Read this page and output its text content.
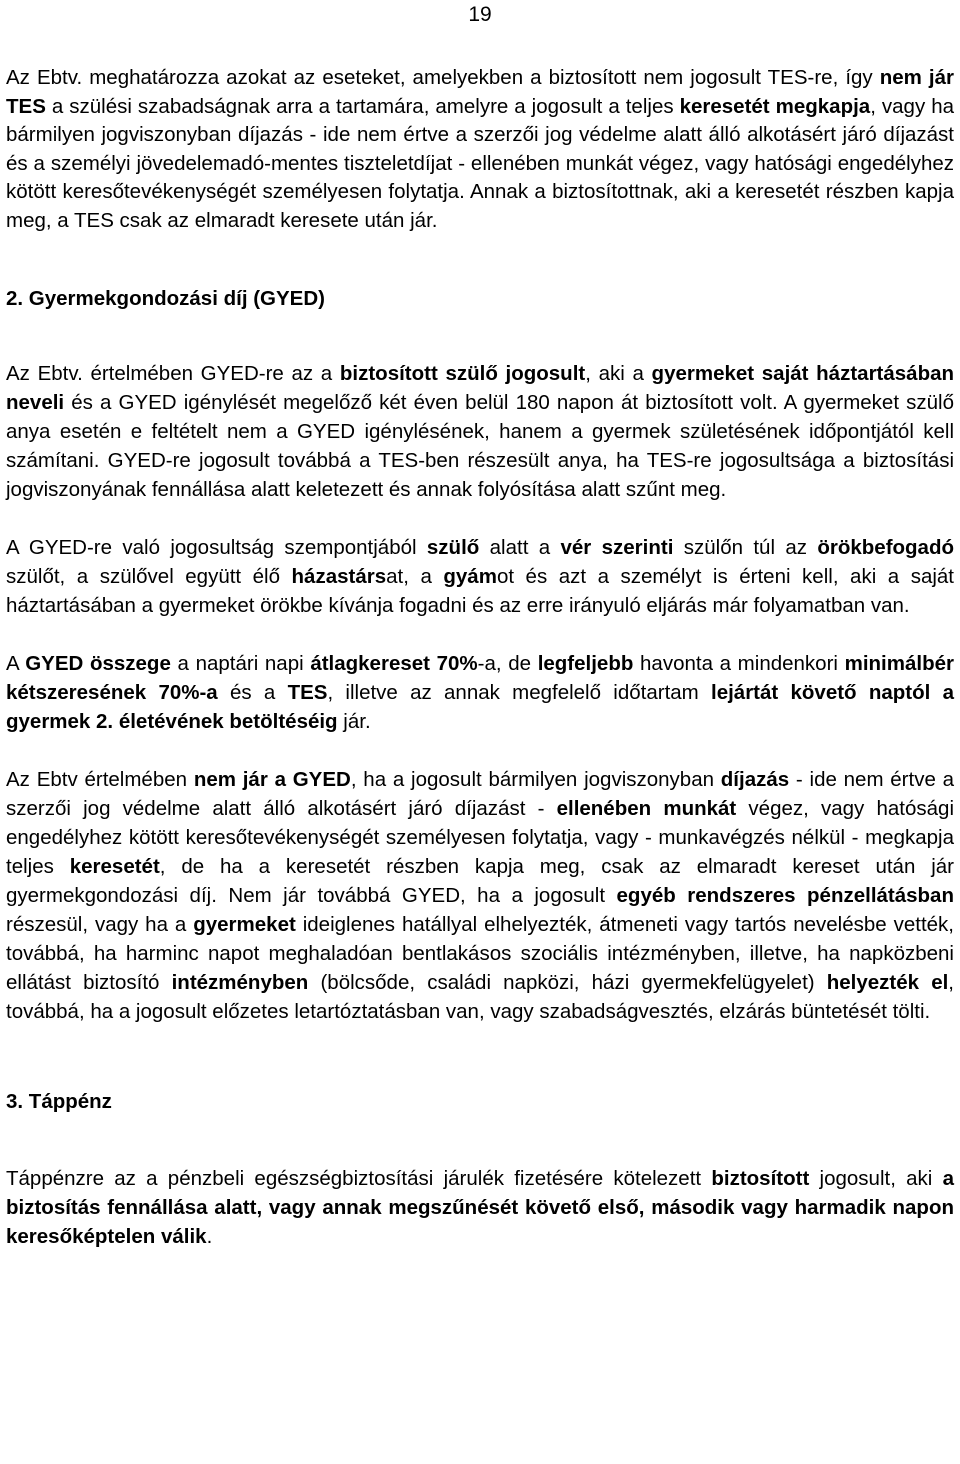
19

Az Ebtv. meghatározza azokat az eseteket, amelyekben a biztosított nem jogosult TES-re, így nem jár TES a szülési szabadságnak arra a tartamára, amelyre a jogosult a teljes keresetét megkapja, vagy ha bármilyen jogviszonyban díjazás - ide nem értve a szerzői jog védelme alatt álló alkotásért járó díjazást és a személyi jövedelemadó-mentes tiszteletdíjat - ellenében munkát végez, vagy hatósági engedélyhez kötött keresőtevékenységét személyesen folytatja. Annak a biztosítottnak, aki a keresetét részben kapja meg, a TES csak az elmaradt keresete után jár.

2. Gyermekgondozási díj (GYED)

Az Ebtv. értelmében GYED-re az a biztosított szülő jogosult, aki a gyermeket saját háztartásában neveli és a GYED igénylését megelőző két éven belül 180 napon át biztosított volt. A gyermeket szülő anya esetén e feltételt nem a GYED igénylésének, hanem a gyermek születésének időpontjától kell számítani. GYED-re jogosult továbbá a TES-ben részesült anya, ha TES-re jogosultsága a biztosítási jogviszonyának fennállása alatt keletezett és annak folyósítása alatt szűnt meg.

A GYED-re való jogosultság szempontjából szülő alatt a vér szerinti szülőn túl az örökbefogadó szülőt, a szülővel együtt élő házastársat, a gyámot és azt a személyt is érteni kell, aki a saját háztartásában a gyermeket örökbe kívánja fogadni és az erre irányuló eljárás már folyamatban van.

A GYED összege a naptári napi átlagkereset 70%-a, de legfeljebb havonta a mindenkori minimálbér kétszeresének 70%-a és a TES, illetve az annak megfelelő időtartam lejártát követő naptól a gyermek 2. életévének betöltéséig jár.

Az Ebtv értelmében nem jár a GYED, ha a jogosult bármilyen jogviszonyban díjazás - ide nem értve a szerzői jog védelme alatt álló alkotásért járó díjazást - ellenében munkát végez, vagy hatósági engedélyhez kötött keresőtevékenységét személyesen folytatja, vagy - munkavégzés nélkül - megkapja teljes keresetét, de ha a keresetét részben kapja meg, csak az elmaradt kereset után jár gyermekgondozási díj. Nem jár továbbá GYED, ha a jogosult egyéb rendszeres pénzellátásban részesül, vagy ha a gyermeket ideiglenes hatállyal elhelyezték, átmeneti vagy tartós nevelésbe vették, továbbá, ha harminc napot meghaladóan bentlakásos szociális intézményben, illetve, ha napközbeni ellátást biztosító intézményben (bölcsőde, családi napközi, házi gyermekfelügyelet) helyezték el, továbbá, ha a jogosult előzetes letartóztatásban van, vagy szabadságvesztés, elzárás büntetését tölti.

3. Táppénz

Táppénzre az a pénzbeli egészségbiztosítási járulék fizetésére kötelezett biztosított jogosult, aki a biztosítás fennállása alatt, vagy annak megszűnését követő első, második vagy harmadik napon keresőképtelen válik.
